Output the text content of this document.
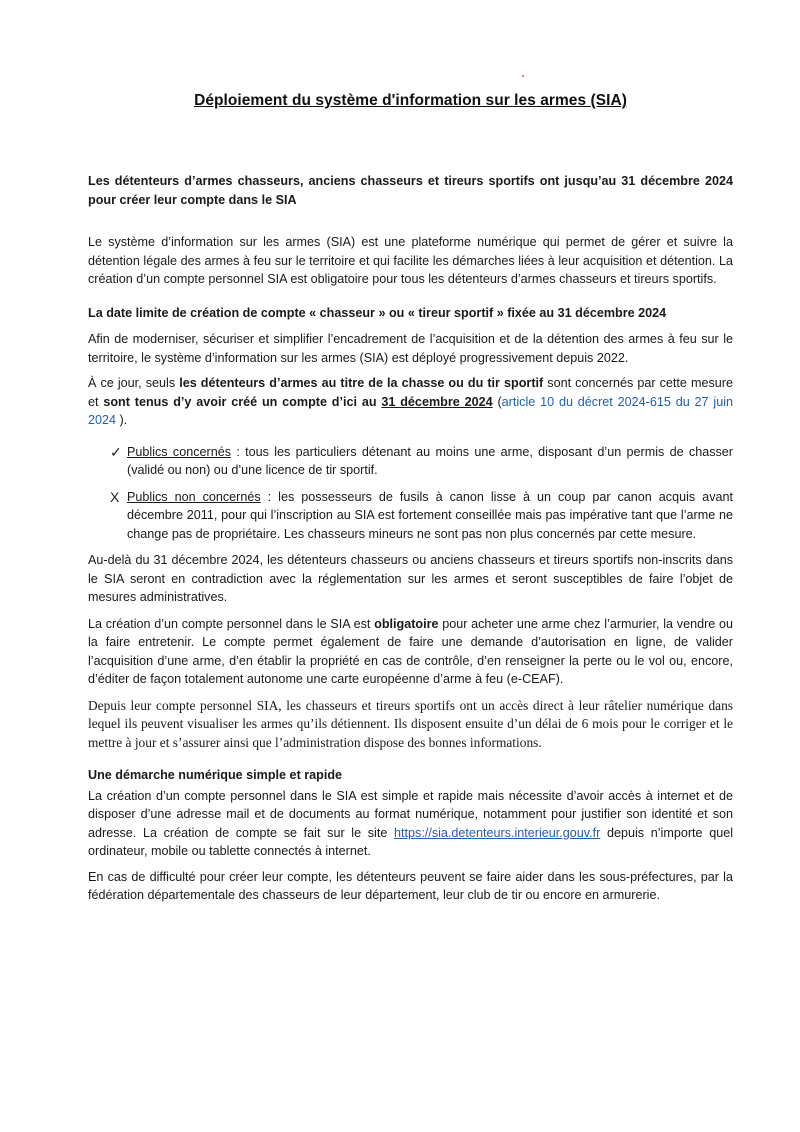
Déploiement du système d'information sur les armes (SIA)

Les détenteurs d’armes chasseurs, anciens chasseurs et tireurs sportifs ont jusqu’au 31 décembre 2024 pour créer leur compte dans le SIA

Le système d’information sur les armes (SIA) est une plateforme numérique qui permet de gérer et suivre la détention légale des armes à feu sur le territoire et qui facilite les démarches liées à leur acquisition et détention. La création d’un compte personnel SIA est obligatoire pour tous les détenteurs d’armes chasseurs et tireurs sportifs.

La date limite de création de compte « chasseur » ou « tireur sportif » fixée au 31 décembre 2024

Afin de moderniser, sécuriser et simplifier l’encadrement de l’acquisition et de la détention des armes à feu sur le territoire, le système d’information sur les armes (SIA) est déployé progressivement depuis 2022.

À ce jour, seuls les détenteurs d’armes au titre de la chasse ou du tir sportif sont concernés par cette mesure et sont tenus d’y avoir créé un compte d’ici au 31 décembre 2024 (article 10 du décret 2024-615 du 27 juin 2024 ).

✓ Publics concernés : tous les particuliers détenant au moins une arme, disposant d’un permis de chasser (validé ou non) ou d’une licence de tir sportif.

X Publics non concernés : les possesseurs de fusils à canon lisse à un coup par canon acquis avant décembre 2011, pour qui l’inscription au SIA est fortement conseillée mais pas impérative tant que l’arme ne change pas de propriétaire. Les chasseurs mineurs ne sont pas non plus concernés par cette mesure.

Au-delà du 31 décembre 2024, les détenteurs chasseurs ou anciens chasseurs et tireurs sportifs non-inscrits dans le SIA seront en contradiction avec la réglementation sur les armes et seront susceptibles de faire l’objet de mesures administratives.

La création d’un compte personnel dans le SIA est obligatoire pour acheter une arme chez l’armurier, la vendre ou la faire entretenir. Le compte permet également de faire une demande d’autorisation en ligne, de valider l’acquisition d’une arme, d’en établir la propriété en cas de contrôle, d’en renseigner la perte ou le vol ou, encore, d’éditer de façon totalement autonome une carte européenne d’arme à feu (e-CEAF).

Depuis leur compte personnel SIA, les chasseurs et tireurs sportifs ont un accès direct à leur râtelier numérique dans lequel ils peuvent visualiser les armes qu’ils détiennent. Ils disposent ensuite d’un délai de 6 mois pour le corriger et le mettre à jour et s’assurer ainsi que l’administration dispose des bonnes informations.

Une démarche numérique simple et rapide

La création d’un compte personnel dans le SIA est simple et rapide mais nécessite d’avoir accès à internet et de disposer d’une adresse mail et de documents au format numérique, notamment pour justifier son identité et son adresse. La création de compte se fait sur le site https://sia.detenteurs.interieur.gouv.fr depuis n’importe quel ordinateur, mobile ou tablette connectés à internet.

En cas de difficulté pour créer leur compte, les détenteurs peuvent se faire aider dans les sous-préfectures, par la fédération départementale des chasseurs de leur département, leur club de tir ou encore en armurerie.
